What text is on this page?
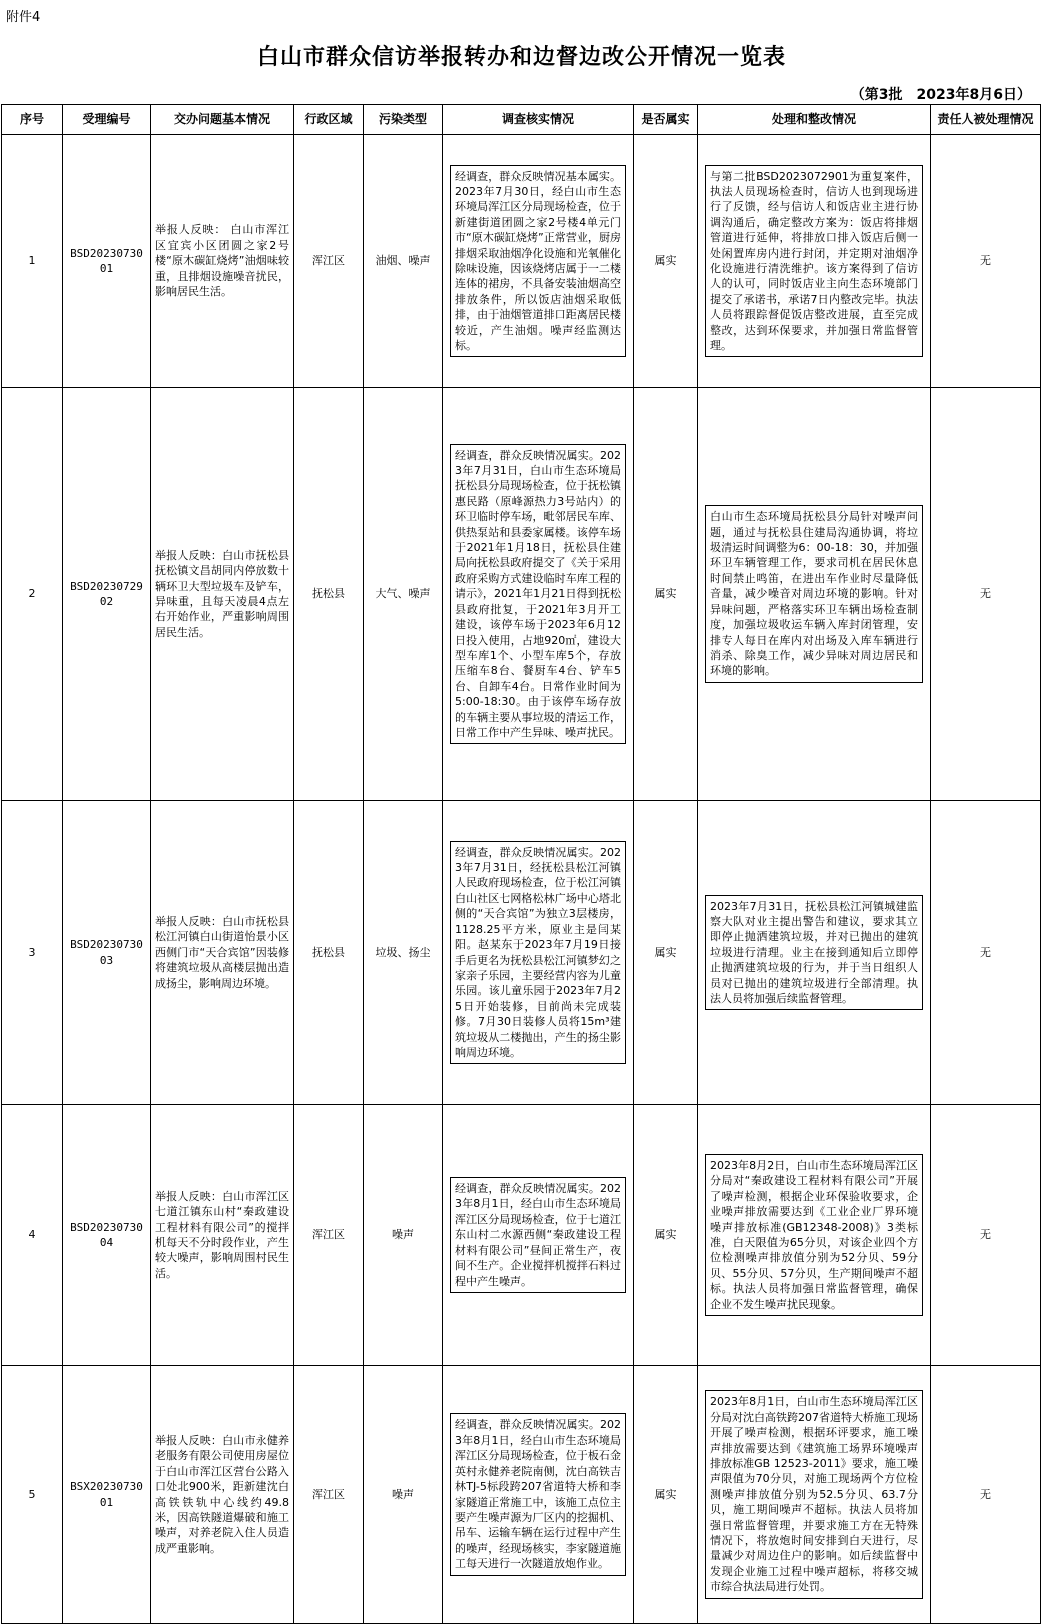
附件4
白山市群众信访举报转办和边督边改公开情况一览表
（第3批　2023年8月6日）
序号	受理编号	交办问题基本情况	行政区域	污染类型	调查核实情况	是否属实	处理和整改情况	责任人被处理情况
1	BSD2023073001	举报人反映： 白山市浑江区宜宾小区团圆之家2号楼“原木碳缸烧烤”油烟味较重，且排烟设施噪音扰民，影响居民生活。	浑江区	油烟、噪声	经调查，群众反映情况基本属实。2023年7月30日，经白山市生态环境局浑江区分局现场检查，位于新建街道团圆之家2号楼4单元门市“原木碳缸烧烤”正常营业，厨房排烟采取油烟净化设施和光氧催化除味设施，因该烧烤店属于一二楼连体的裙房，不具备安装油烟高空排放条件，所以饭店油烟采取低排，由于油烟管道排口距离居民楼较近，产生油烟。噪声经监测达标。	属实	与第二批BSD2023072901为重复案件，执法人员现场检查时，信访人也到现场进行了反馈，经与信访人和饭店业主进行协调沟通后，确定整改方案为：饭店将排烟管道进行延伸，将排放口排入饭店后侧一处闲置库房内进行封闭，并定期对油烟净化设施进行清洗维护。该方案得到了信访人的认可，同时饭店业主向生态环境部门提交了承诺书，承诺7日内整改完毕。执法人员将跟踪督促饭店整改进展，直至完成整改，达到环保要求，并加强日常监督管理。	无
2	BSD2023072902	举报人反映：白山市抚松县抚松镇文昌胡同内停放数十辆环卫大型垃圾车及铲车，异味重，且每天凌晨4点左右开始作业，严重影响周围居民生活。	抚松县	大气、噪声	经调查，群众反映情况属实。2023年7月31日，白山市生态环境局抚松县分局现场检查，位于抚松镇惠民路（原峰源热力3号站内）的环卫临时停车场，毗邻居民车库、供热泵站和县委家属楼。该停车场于2021年1月18日，抚松县住建局向抚松县政府提交了《关于采用政府采购方式建设临时车库工程的请示》，2021年1月21日得到抚松县政府批复，于2021年3月开工建设，该停车场于2023年6月12日投入使用，占地920㎡，建设大型车库1个、小型车库5个，存放压缩车8台、餐厨车4台、铲车5台、自卸车4台。日常作业时间为5:00-18:30。由于该停车场存放的车辆主要从事垃圾的清运工作，日常工作中产生异味、噪声扰民。	属实	白山市生态环境局抚松县分局针对噪声问题，通过与抚松县住建局沟通协调，将垃圾清运时间调整为6：00-18：30，并加强环卫车辆管理工作，要求司机在居民休息时间禁止鸣笛，在进出车作业时尽量降低音量，减少噪音对周边环境的影响。针对异味问题，严格落实环卫车辆出场检查制度，加强垃圾收运车辆入库封闭管理，安排专人每日在库内对出场及入库车辆进行消杀、除臭工作，减少异味对周边居民和环境的影响。	无
3	BSD2023073003	举报人反映：白山市抚松县松江河镇白山街道怡景小区西侧门市“天合宾馆”因装修将建筑垃圾从高楼层抛出造成扬尘，影响周边环境。	抚松县	垃圾、扬尘	经调查，群众反映情况属实。2023年7月31日，经抚松县松江河镇人民政府现场检查，位于松江河镇白山社区七网格松林广场中心塔北侧的“天合宾馆”为独立3层楼房，1128.25平方米，原业主是闫某阳。赵某东于2023年7月19日接手后更名为抚松县松江河镇梦幻之家亲子乐园，主要经营内容为儿童乐园。该儿童乐园于2023年7月25日开始装修，目前尚未完成装修。7月30日装修人员将15m³建筑垃圾从二楼抛出，产生的扬尘影响周边环境。	属实	2023年7月31日，抚松县松江河镇城建监察大队对业主提出警告和建议，要求其立即停止抛洒建筑垃圾，并对已抛出的建筑垃圾进行清理。业主在接到通知后立即停止抛洒建筑垃圾的行为，并于当日组织人员对已抛出的建筑垃圾进行全部清理。执法人员将加强后续监督管理。	无
4	BSD2023073004	举报人反映：白山市浑江区七道江镇东山村“秦政建设工程材料有限公司”的搅拌机每天不分时段作业，产生较大噪声，影响周围村民生活。	浑江区	噪声	经调查，群众反映情况属实。2023年8月1日，经白山市生态环境局浑江区分局现场检查，位于七道江东山村二水源西侧“秦政建设工程材料有限公司”昼间正常生产，夜间不生产。企业搅拌机搅拌石料过程中产生噪声。	属实	2023年8月2日，白山市生态环境局浑江区分局对“秦政建设工程材料有限公司”开展了噪声检测，根据企业环保验收要求，企业噪声排放需要达到《工业企业厂界环境噪声排放标准(GB12348-2008)》3类标准，白天限值为65分贝，对该企业四个方位检测噪声排放值分别为52分贝、59分贝、55分贝、57分贝，生产期间噪声不超标。执法人员将加强日常监督管理，确保企业不发生噪声扰民现象。	无
5	BSX2023073001	举报人反映：白山市永健养老服务有限公司使用房屋位于白山市浑江区营台公路入口处北900米，距新建沈白高铁铁轨中心线约49.8米，因高铁隧道爆破和施工噪声，对养老院入住人员造成严重影响。	浑江区	噪声	经调查，群众反映情况属实。2023年8月1日，经白山市生态环境局浑江区分局现场检查，位于板石金英村永健养老院南侧，沈白高铁吉林TJ-5标段跨207省道特大桥和李家隧道正常施工中，该施工点位主要产生噪声源为厂区内的挖掘机、吊车、运输车辆在运行过程中产生的噪声，经现场核实，李家隧道施工每天进行一次隧道放炮作业。	属实	2023年8月1日，白山市生态环境局浑江区分局对沈白高铁跨207省道特大桥施工现场开展了噪声检测，根据环评要求，施工噪声排放需要达到《建筑施工场界环境噪声排放标准GB 12523-2011》要求，施工噪声限值为70分贝，对施工现场两个方位检测噪声排放值分别为52.5分贝、63.7分贝，施工期间噪声不超标。执法人员将加强日常监督管理，并要求施工方在无特殊情况下，将放炮时间安排到白天进行，尽量减少对周边住户的影响。如后续监督中发现企业施工过程中噪声超标，将移交城市综合执法局进行处罚。	无
